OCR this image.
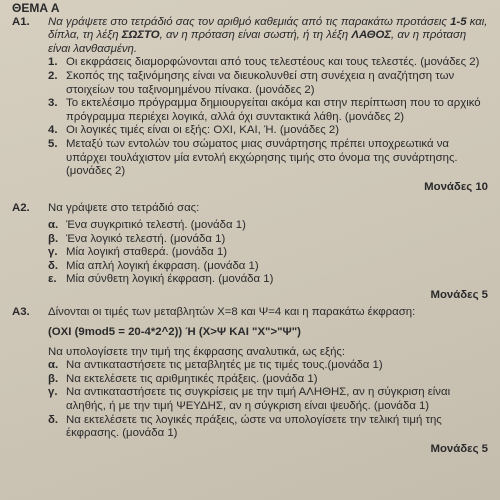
ΘΕΜΑ Α
Α1.	Να γράψετε στο τετράδιό σας τον αριθμό καθεμιάς από τις παρακάτω προτάσεις 1-5 και, δίπλα, τη λέξη ΣΩΣΤΟ, αν η πρόταση είναι σωστή, ή τη λέξη ΛΑΘΟΣ, αν η πρόταση είναι λανθασμένη.
1. Οι εκφράσεις διαμορφώνονται από τους τελεστέους και τους τελεστές. (μονάδες 2)
2. Σκοπός της ταξινόμησης είναι να διευκολυνθεί στη συνέχεια η αναζήτηση των στοιχείων του ταξινομημένου πίνακα. (μονάδες 2)
3. Το εκτελέσιμο πρόγραμμα δημιουργείται ακόμα και στην περίπτωση που το αρχικό πρόγραμμα περιέχει λογικά, αλλά όχι συντακτικά λάθη. (μονάδες 2)
4. Οι λογικές τιμές είναι οι εξής: ΟΧΙ, ΚΑΙ, Ή. (μονάδες 2)
5. Μεταξύ των εντολών του σώματος μιας συνάρτησης πρέπει υποχρεωτικά να υπάρχει τουλάχιστον μία εντολή εκχώρησης τιμής στο όνομα της συνάρτησης. (μονάδες 2)
Μονάδες 10
Α2.	Να γράψετε στο τετράδιό σας:
α. Ένα συγκριτικό τελεστή. (μονάδα 1)
β. Ένα λογικό τελεστή. (μονάδα 1)
γ. Μία λογική σταθερά. (μονάδα 1)
δ. Μία απλή λογική έκφραση. (μονάδα 1)
ε. Μία σύνθετη λογική έκφραση. (μονάδα 1)
Μονάδες 5
Α3.	Δίνονται οι τιμές των μεταβλητών Χ=8 και Ψ=4 και η παρακάτω έκφραση:
(ΟΧΙ (9mod5 = 20-4*2^2)) Ή (Χ>Ψ ΚΑΙ "Χ">"Ψ")
Να υπολογίσετε την τιμή της έκφρασης αναλυτικά, ως εξής:
α. Να αντικαταστήσετε τις μεταβλητές με τις τιμές τους.(μονάδα 1)
β. Να εκτελέσετε τις αριθμητικές πράξεις. (μονάδα 1)
γ. Να αντικαταστήσετε τις συγκρίσεις με την τιμή ΑΛΗΘΗΣ, αν η σύγκριση είναι αληθής, ή με την τιμή ΨΕΥΔΗΣ, αν η σύγκριση είναι ψευδής. (μονάδα 1)
δ. Να εκτελέσετε τις λογικές πράξεις, ώστε να υπολογίσετε την τελική τιμή της έκφρασης. (μονάδα 1)
Μονάδες 5
